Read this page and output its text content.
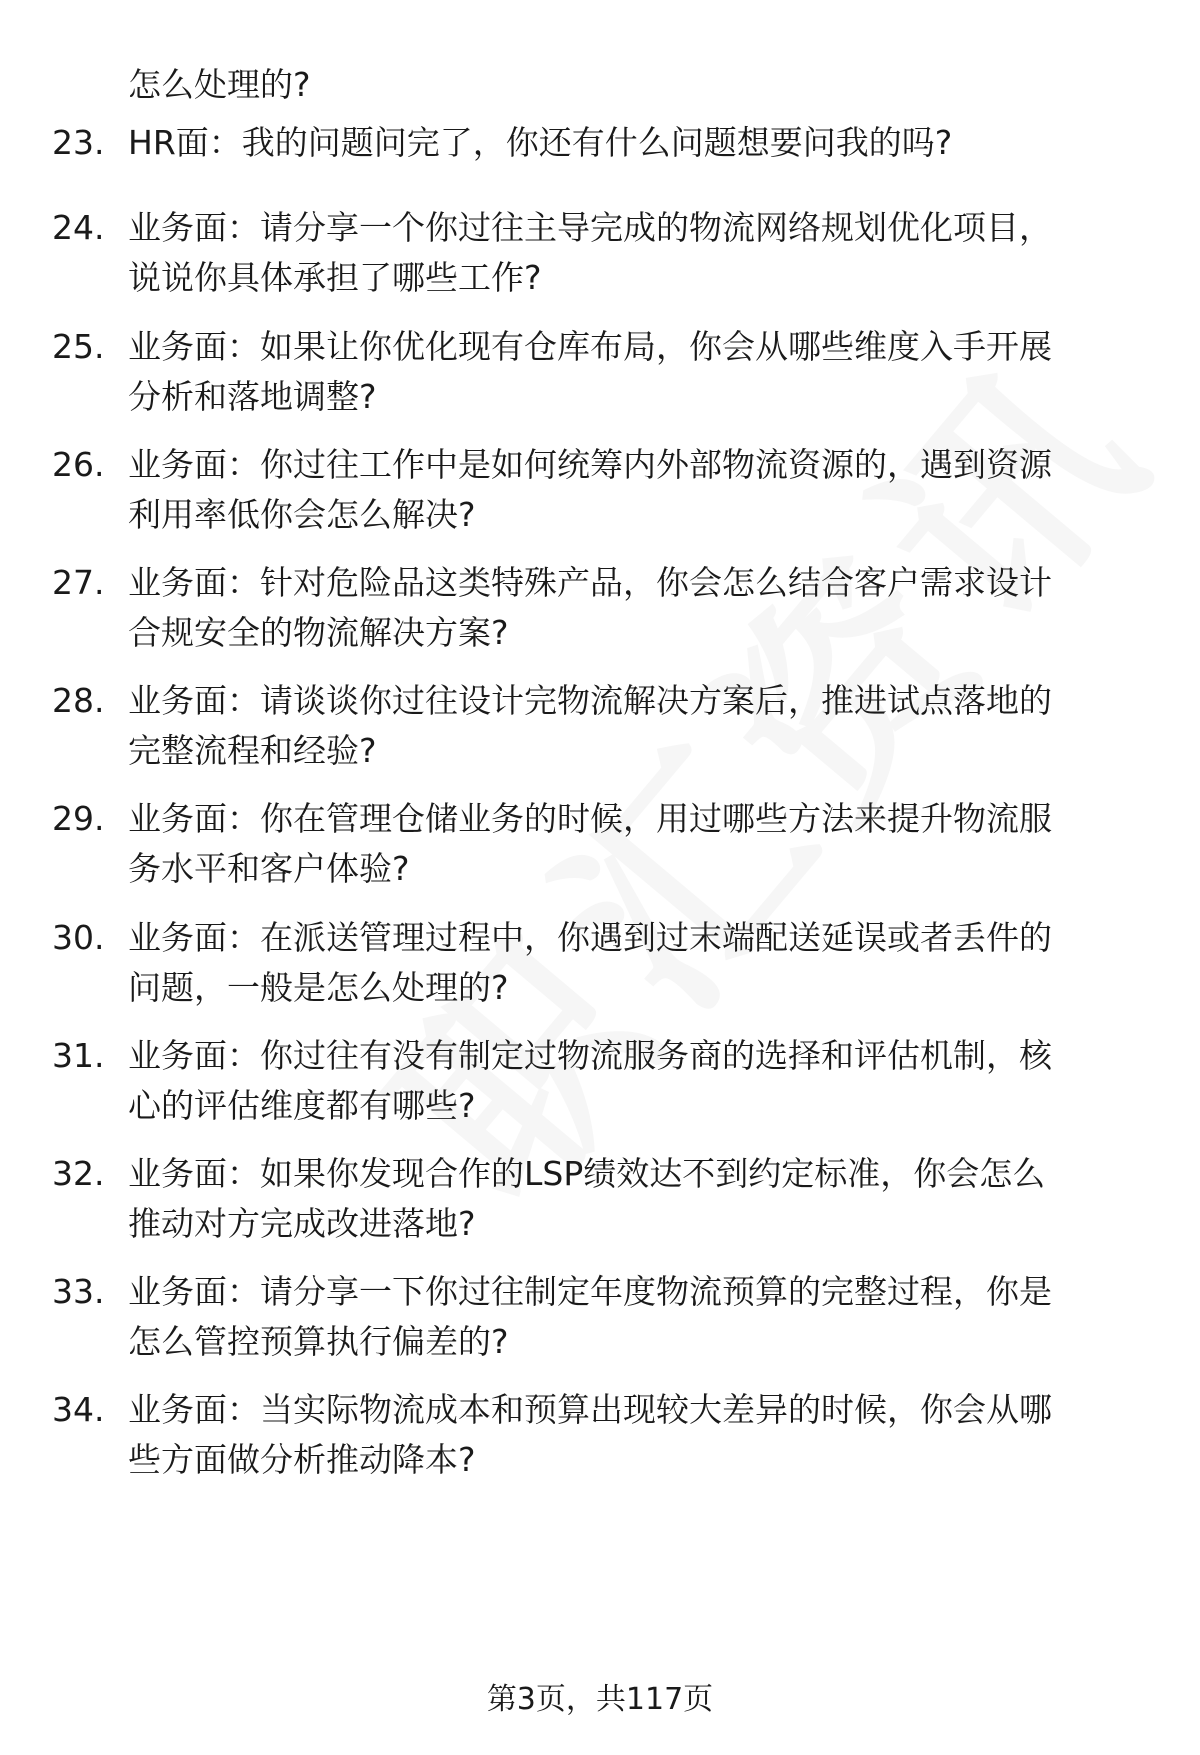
怎么处理的?
23. HR面：我的问题问完了，你还有什么问题想要问我的吗?
24. 业务面：请分享一个你过往主导完成的物流网络规划优化项目，
说说你具体承担了哪些工作?
25. 业务面：如果让你优化现有仓库布局，你会从哪些维度入手开展
分析和落地调整?
26. 业务面：你过往工作中是如何统筹内外部物流资源的，遇到资源
利用率低你会怎么解决?
27. 业务面：针对危险品这类特殊产品，你会怎么结合客户需求设计
合规安全的物流解决方案?
28. 业务面：请谈谈你过往设计完物流解决方案后，推进试点落地的
完整流程和经验?
29. 业务面：你在管理仓储业务的时候，用过哪些方法来提升物流服
务水平和客户体验?
30. 业务面：在派送管理过程中，你遇到过末端配送延误或者丢件的
问题，一般是怎么处理的?
31. 业务面：你过往有没有制定过物流服务商的选择和评估机制，核
心的评估维度都有哪些?
32. 业务面：如果你发现合作的LSP绩效达不到约定标准，你会怎么
推动对方完成改进落地?
33. 业务面：请分享一下你过往制定年度物流预算的完整过程，你是
怎么管控预算执行偏差的?
34. 业务面：当实际物流成本和预算出现较大差异的时候，你会从哪
些方面做分析推动降本?
第3页，共117页
